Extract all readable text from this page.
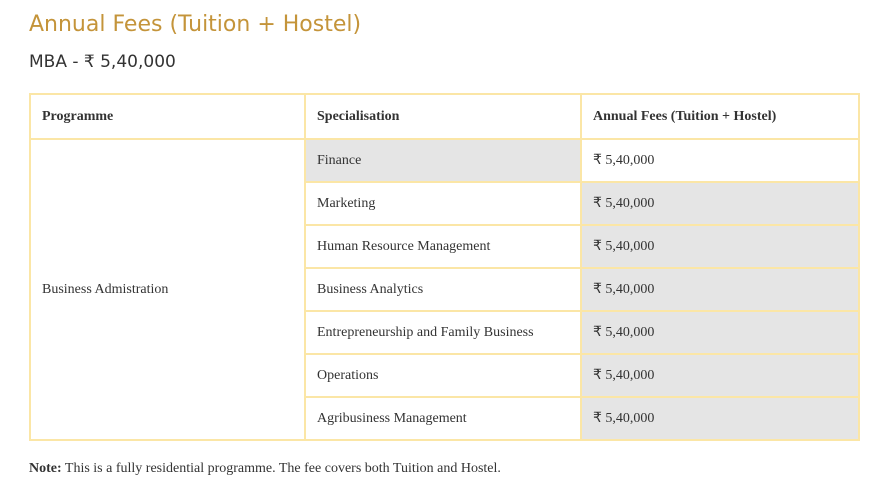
Annual Fees (Tuition + Hostel)
MBA - ₹ 5,40,000
Programme	Specialisation	Annual Fees (Tuition + Hostel)
Business Admistration	Finance	₹ 5,40,000
	Marketing	₹ 5,40,000
	Human Resource Management	₹ 5,40,000
	Business Analytics	₹ 5,40,000
	Entrepreneurship and Family Business	₹ 5,40,000
	Operations	₹ 5,40,000
	Agribusiness Management	₹ 5,40,000

Note: This is a fully residential programme. The fee covers both Tuition and Hostel.
